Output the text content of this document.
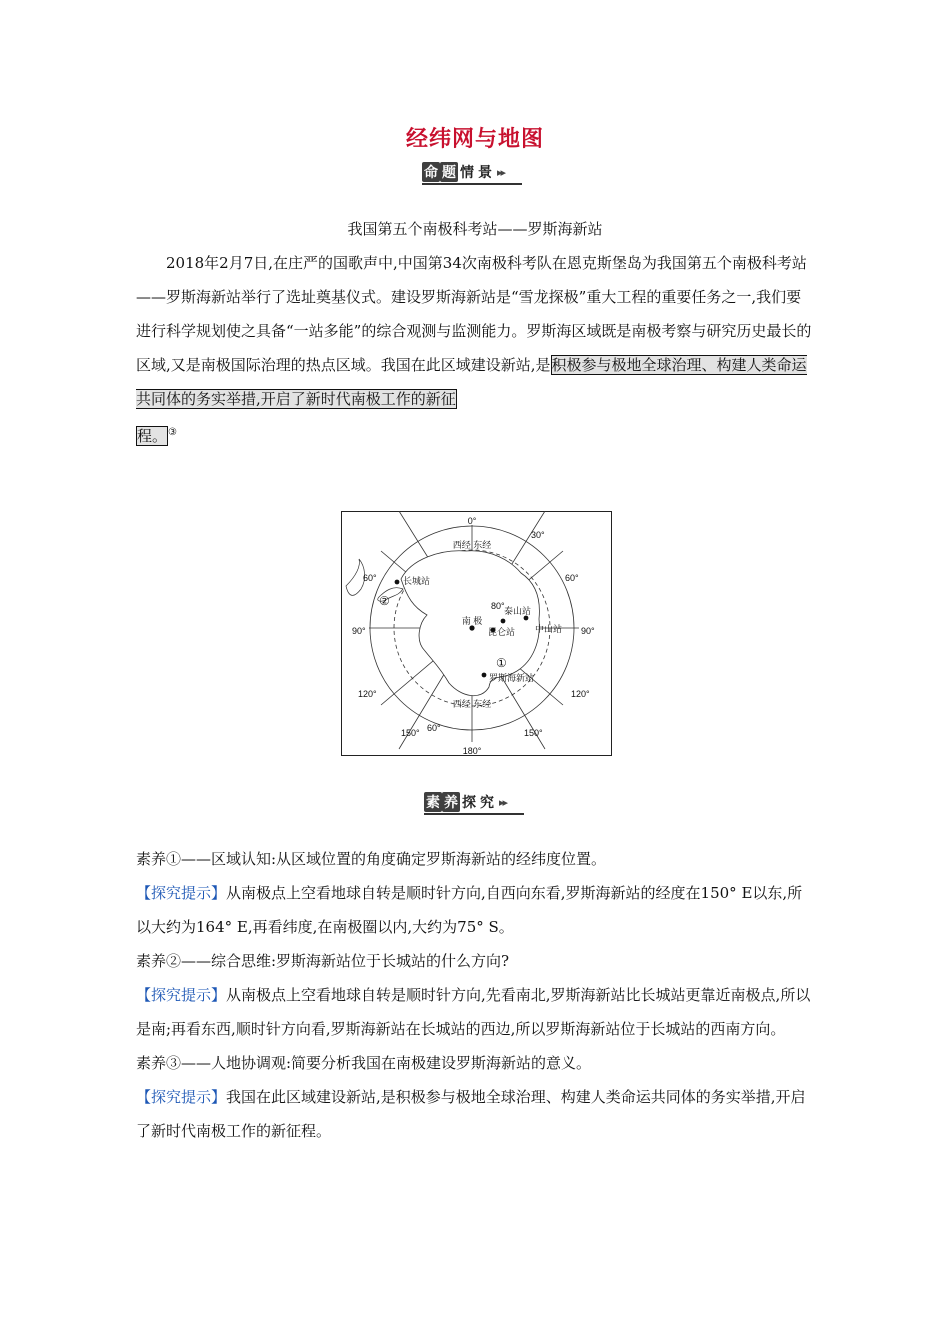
经纬网与地图
命 题 情 景 ▸▸
我国第五个南极科考站——罗斯海新站
2018年2月7日,在庄严的国歌声中,中国第34次南极科考队在恩克斯堡岛为我国第五个南极科考站——罗斯海新站举行了选址奠基仪式。建设罗斯海新站是“雪龙探极”重大工程的重要任务之一,我们要进行科学规划使之具备“一站多能”的综合观测与监测能力。罗斯海区域既是南极考察与研究历史最长的区域,又是南极国际治理的热点区域。我国在此区域建设新站,是积极参与极地全球治理、构建人类命运共同体的务实举措,开启了新时代南极工作的新征
程。③
0°
180°
西经 东经
西经 东经
30°
60°	60°
90°	90°
120°	120°
150°	150°
60°
80°
南 极
长城站
泰山站
中山站
昆仑站
罗斯海新站
①
②
素 养 探 究 ▸▸
素养①——区域认知:从区域位置的角度确定罗斯海新站的经纬度位置。
【探究提示】从南极点上空看地球自转是顺时针方向,自西向东看,罗斯海新站的经度在150° E以东,所以大约为164° E,再看纬度,在南极圈以内,大约为75° S。
素养②——综合思维:罗斯海新站位于长城站的什么方向?
【探究提示】从南极点上空看地球自转是顺时针方向,先看南北,罗斯海新站比长城站更靠近南极点,所以是南;再看东西,顺时针方向看,罗斯海新站在长城站的西边,所以罗斯海新站位于长城站的西南方向。
素养③——人地协调观:简要分析我国在南极建设罗斯海新站的意义。
【探究提示】我国在此区域建设新站,是积极参与极地全球治理、构建人类命运共同体的务实举措,开启了新时代南极工作的新征程。
